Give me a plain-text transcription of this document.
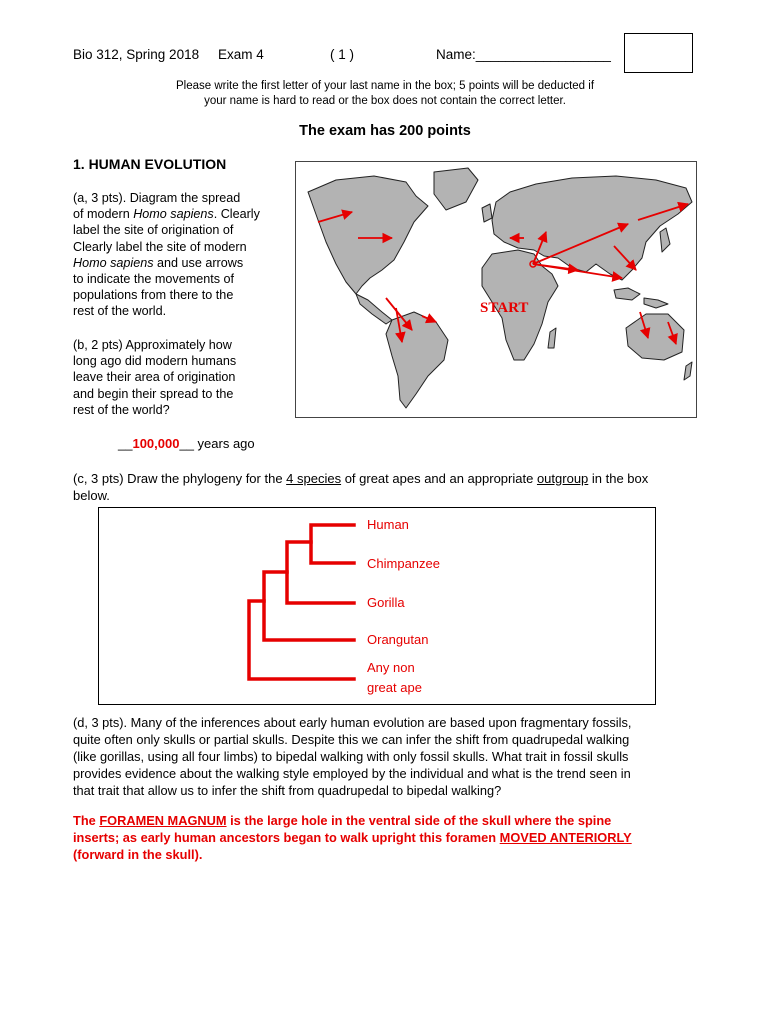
Bio 312, Spring 2018 Exam 4	( 1 )	Name:__________________
Please write the first letter of your last name in the box; 5 points will be deducted if
your name is hard to read or the box does not contain the correct letter.
The exam has 200 points
1. HUMAN EVOLUTION
(a, 3 pts). Diagram the spread
of modern Homo sapiens. Clearly
label the site of origination of
Clearly label the site of modern
Homo sapiens and use arrows
to indicate the movements of
populations from there to the
rest of the world.	START
(b, 2 pts) Approximately how
long ago did modern humans
leave their area of origination
and begin their spread to the
rest of the world?
__100,000__ years ago
(c, 3 pts) Draw the phylogeny for the 4 species of great apes and an appropriate outgroup in the box
below.
Human
Chimpanzee
Gorilla
Orangutan
Any non
great ape
(d, 3 pts). Many of the inferences about early human evolution are based upon fragmentary fossils,
quite often only skulls or partial skulls. Despite this we can infer the shift from quadrupedal walking
(like gorillas, using all four limbs) to bipedal walking with only fossil skulls. What trait in fossil skulls
provides evidence about the walking style employed by the individual and what is the trend seen in
that trait that allow us to infer the shift from quadrupedal to bipedal walking?
The FORAMEN MAGNUM is the large hole in the ventral side of the skull where the spine
inserts; as early human ancestors began to walk upright this foramen MOVED ANTERIORLY
(forward in the skull).
